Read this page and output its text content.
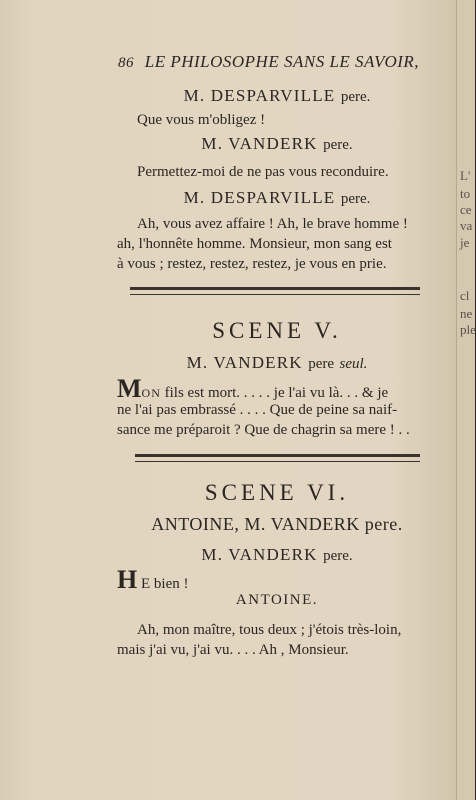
86 LE PHILOSOPHE SANS LE SAVOIR,
M. DESPARVILLE pere.
Que vous m'obligez !
M. VANDERK pere.
Permettez-moi de ne pas vous reconduire.
M. DESPARVILLE pere.
Ah, vous avez affaire ! Ah, le brave homme !
ah, l'honnête homme. Monsieur, mon sang est
à vous ; restez, restez, restez, je vous en prie.
SCENE V.
M. VANDERK pere seul.
MON fils est mort. . . . . je l'ai vu là. . . & je
ne l'ai pas embrassé . . . . Que de peine sa naif-
sance me préparoit ? Que de chagrin sa mere ! . .
SCENE VI.
ANTOINE, M. VANDERK pere.
M. VANDERK pere.
H E bien !
ANTOINE.
Ah, mon maître, tous deux ; j'étois très-loin,
mais j'ai vu, j'ai vu. . . . Ah , Monsieur.
L'
to
ce
va
je
cl
ne
ple
